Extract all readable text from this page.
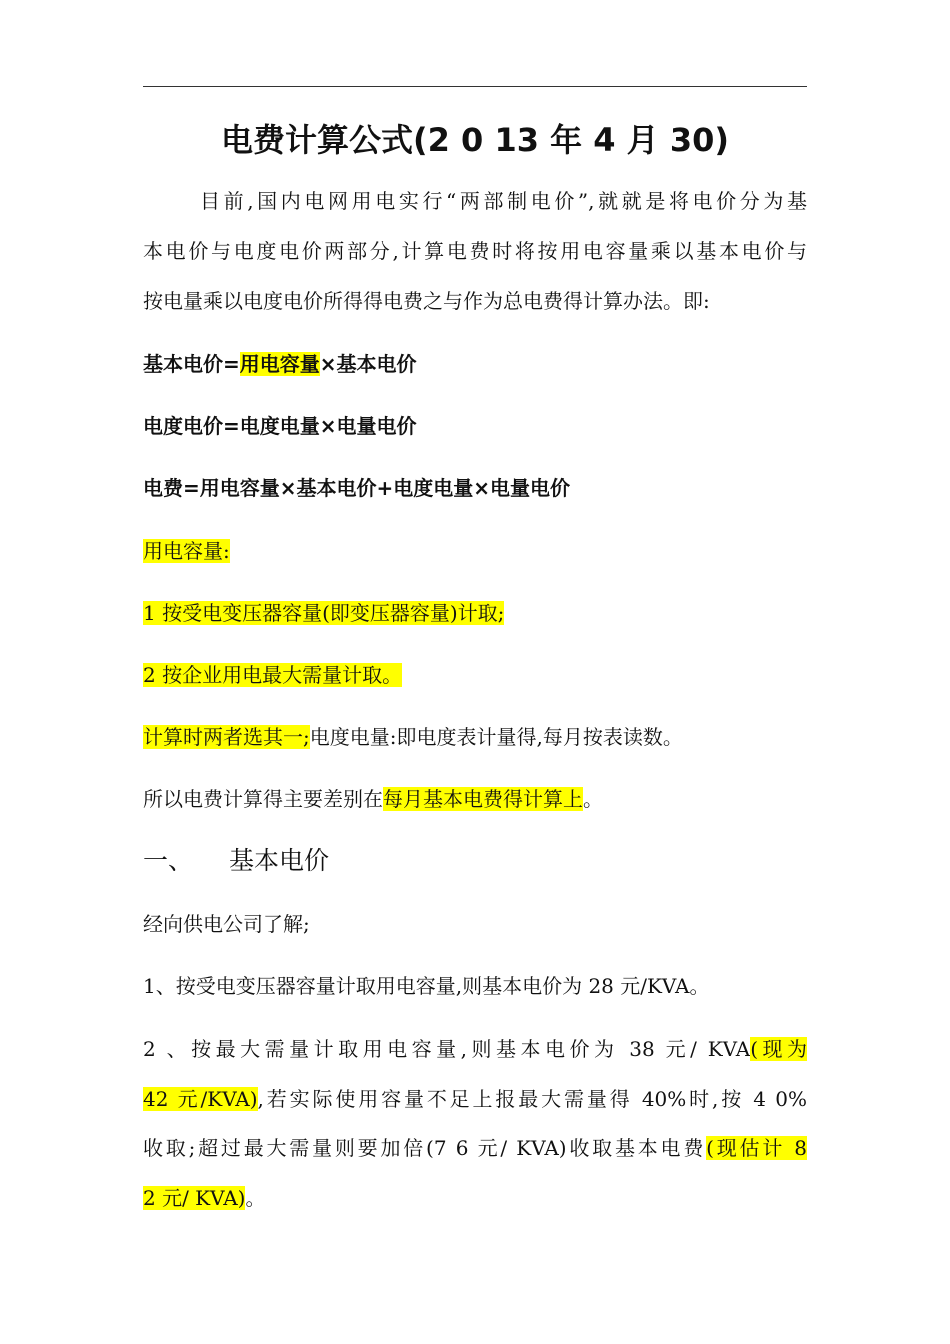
电费计算公式(2 0 13 年 4 月 30)
目前,国内电网用电实行“两部制电价”,就就是将电价分为基
本电价与电度电价两部分,计算电费时将按用电容量乘以基本电价与
按电量乘以电度电价所得得电费之与作为总电费得计算办法。即:
基本电价=用电容量×基本电价
电度电价=电度电量×电量电价
电费=用电容量×基本电价+电度电量×电量电价
用电容量:
1 按受电变压器容量(即变压器容量)计取;
2 按企业用电最大需量计取。
计算时两者选其一;电度电量:即电度表计量得,每月按表读数。
所以电费计算得主要差别在每月基本电费得计算上。
一、 基本电价
经向供电公司了解;
1、按受电变压器容量计取用电容量,则基本电价为 28 元/KVA。
2 、按最大需量计取用电容量,则基本电价为 38 元/ KVA(现为
42 元/KVA),若实际使用容量不足上报最大需量得 40%时,按 4 0%
收取;超过最大需量则要加倍(7 6 元/ KVA)收取基本电费(现估计 8
2 元/ KVA)。
